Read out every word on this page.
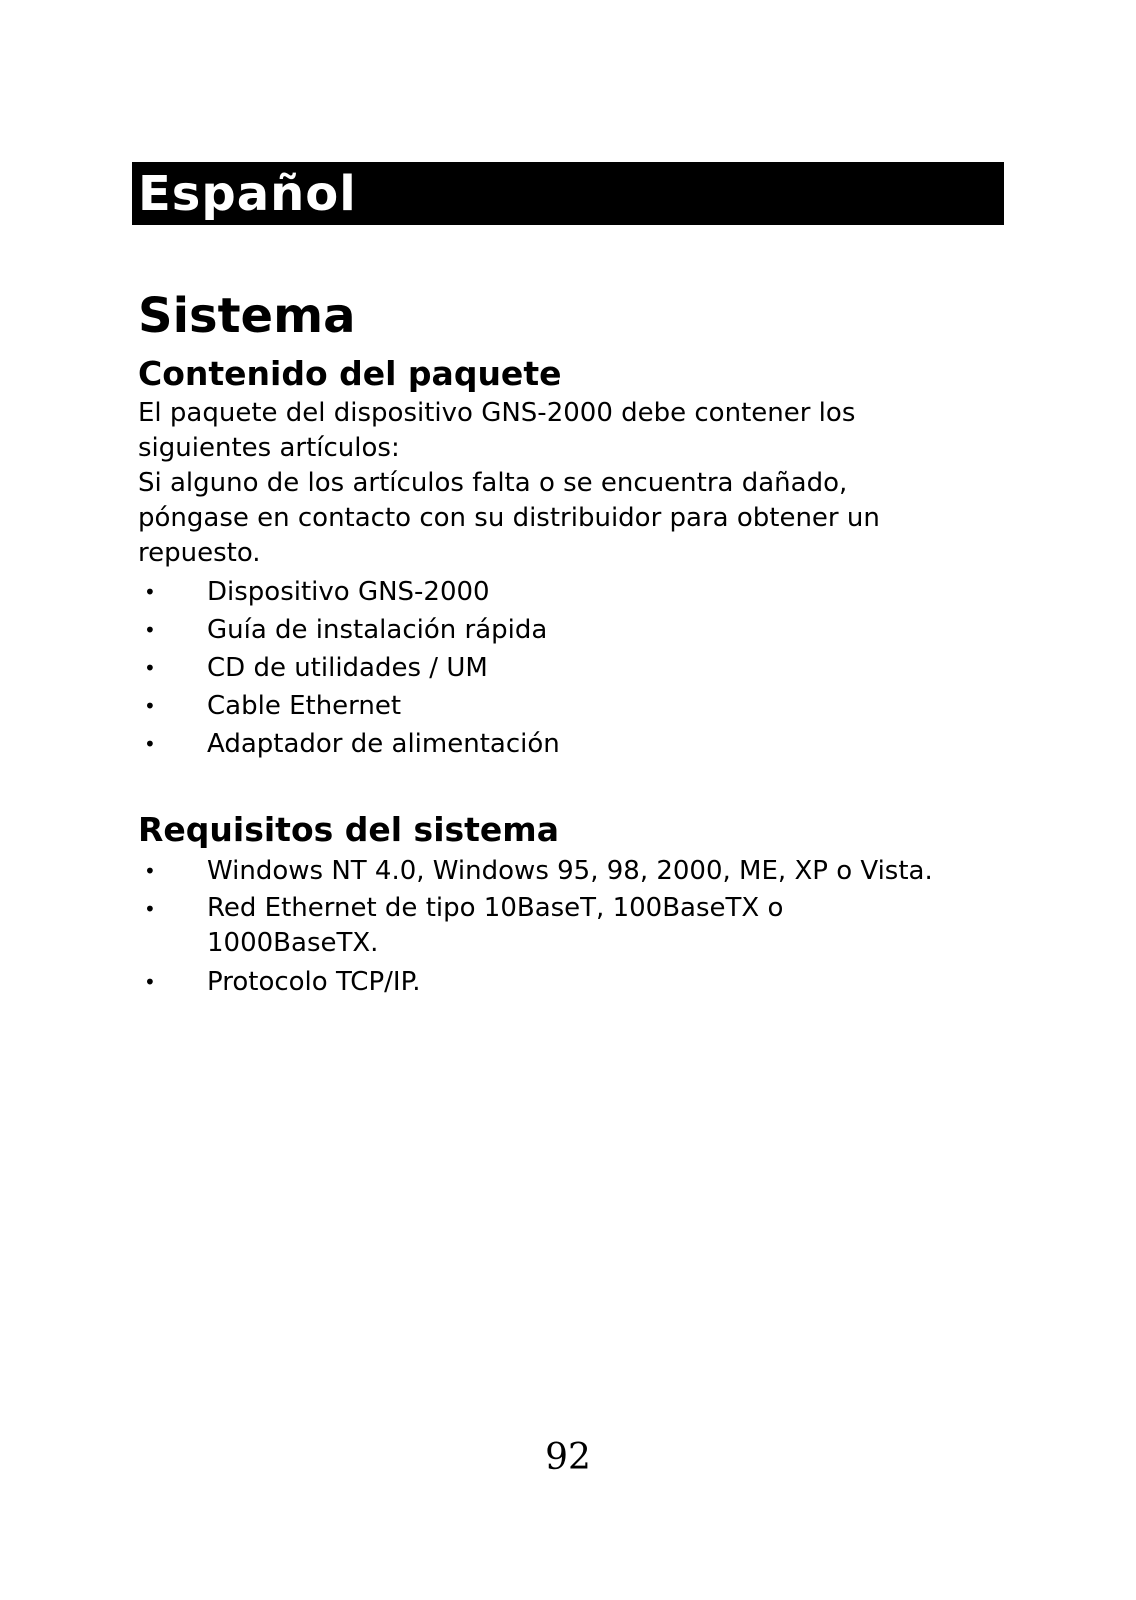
Español
Sistema
Contenido del paquete

El paquete del dispositivo GNS-2000 debe contener los siguientes artículos:

Si alguno de los artículos falta o se encuentra dañado, póngase en contacto con su distribuidor para obtener un repuesto.

• Dispositivo GNS-2000
• Guía de instalación rápida
• CD de utilidades / UM
• Cable Ethernet
• Adaptador de alimentación
Requisitos del sistema
• Windows NT 4.0, Windows 95, 98, 2000, ME, XP o Vista.
• Red Ethernet de tipo 10BaseT, 100BaseTX o 1000BaseTX.
• Protocolo TCP/IP.
92
